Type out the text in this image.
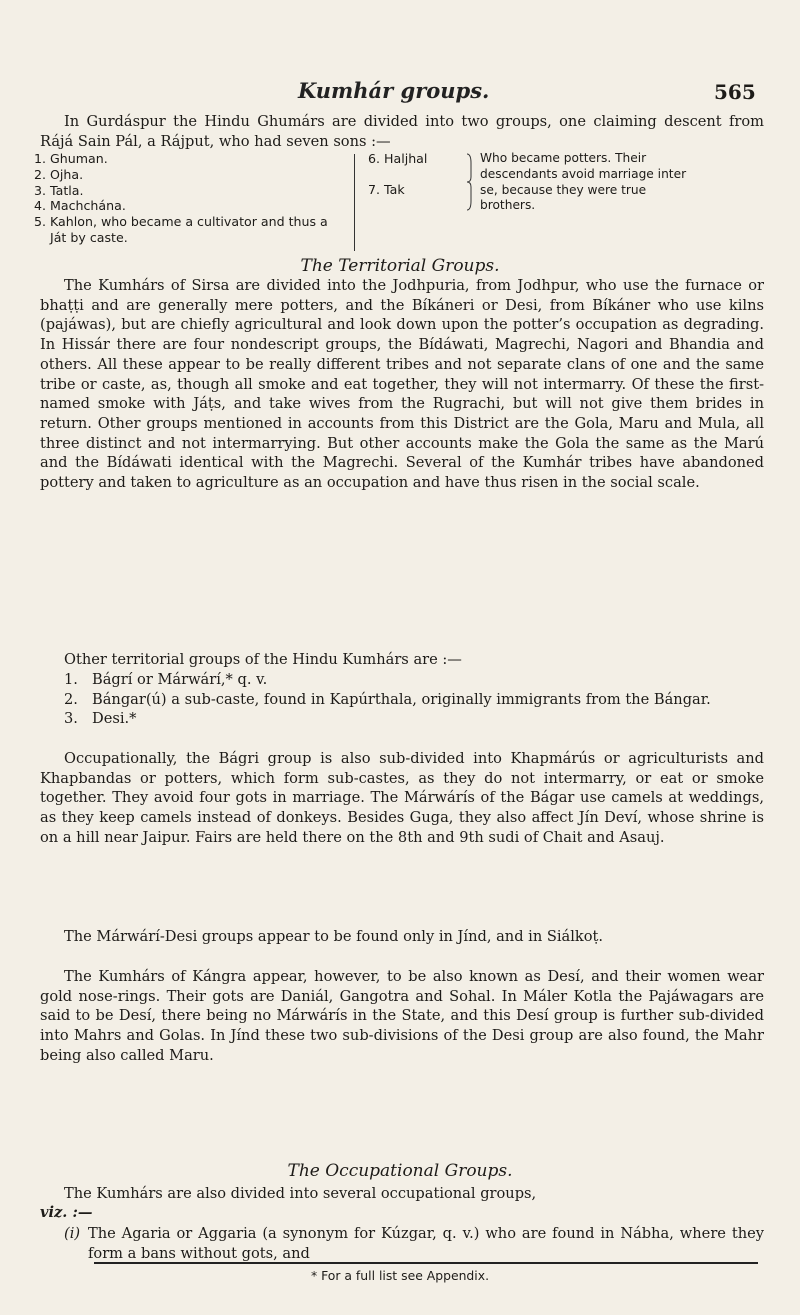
Kumhár groups.	565

In Gurdáspur the Hindu Ghumárs are divided into two groups, one claiming descent from Rájá Sain Pál, a Rájput, who had seven sons :—

1. Ghuman.
2. Ojha.
3. Tatla.
4. Machchána.
5. Kahlon, who became a cultivator and thus a Ját by caste.
6. Haljhal
7. Tak
Who became potters. Their descendants avoid marriage inter se, because they were true brothers.
The Territorial Groups.

The Kumhárs of Sirsa are divided into the Jodhpuria, from Jodhpur, who use the furnace or bhaṭṭi and are generally mere potters, and the Bíkáneri or Desi, from Bíkáner who use kilns (pajáwas), but are chiefly agricultural and look down upon the potter’s occupation as degrading. In Hissár there are four nondescript groups, the Bídáwati, Magrechi, Nagori and Bhandia and others. All these appear to be really different tribes and not separate clans of one and the same tribe or caste, as, though all smoke and eat together, they will not intermarry. Of these the first-named smoke with Jáṭs, and take wives from the Rugrachi, but will not give them brides in return. Other groups mentioned in accounts from this District are the Gola, Maru and Mula, all three distinct and not intermarrying. But other accounts make the Gola the same as the Marú and the Bídáwati identical with the Magrechi. Several of the Kumhár tribes have abandoned pottery and taken to agriculture as an occupation and have thus risen in the social scale.

Other territorial groups of the Hindu Kumhárs are :—

1. Bágrí or Márwárí,* q. v.
2. Bángar(ú) a sub-caste, found in Kapúrthala, originally immigrants from the Bángar.
3. Desi.*

Occupationally, the Bágri group is also sub-divided into Khapmárús or agriculturists and Khapbandas or potters, which form sub-castes, as they do not intermarry, or eat or smoke together. They avoid four gots in marriage. The Márwárís of the Bágar use camels at weddings, as they keep camels instead of donkeys. Besides Guga, they also affect Jín Deví, whose shrine is on a hill near Jaipur. Fairs are held there on the 8th and 9th sudi of Chait and Asauj.

The Márwárí-Desi groups appear to be found only in Jínd, and in Siálkoṭ.

The Kumhárs of Kángra appear, however, to be also known as Desí, and their women wear gold nose-rings. Their gots are Daniál, Gangotra and Sohal. In Máler Kotla the Pajáwagars are said to be Desí, there being no Márwárís in the State, and this Desí group is further sub-divided into Mahrs and Golas. In Jínd these two sub-divisions of the Desi group are also found, the Mahr being also called Maru.

The Occupational Groups.

The Kumhárs are also divided into several occupational groups,

viz. :—
(i) The Agaria or Aggaria (a synonym for Kúzgar, q. v.) who are found in Nábha, where they form a bans without gots, and
* For a full list see Appendix.
